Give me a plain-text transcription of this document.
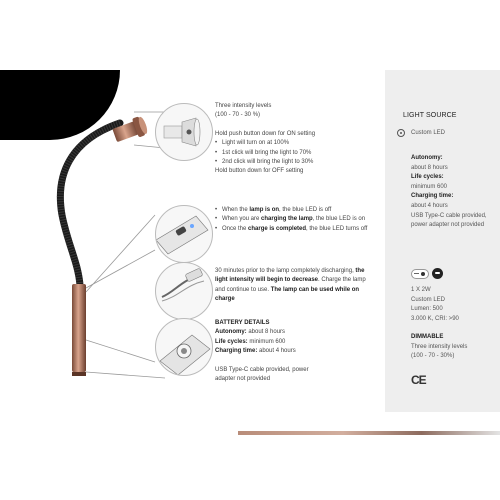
Three intensity levels
(100 - 70 - 30 %)
Hold push button down for ON setting
• Light will turn on at 100%
• 1st click will bring the light to 70%
• 2nd click will bring the light to 30%
Hold button down for OFF setting
• When the lamp is on, the blue LED is off
• When you are charging the lamp, the blue LED is on
• Once the charge is completed, the blue LED turns off
30 minutes prior to the lamp completely discharging, the light intensity will begin to decrease. Charge the lamp and continue to use. The lamp can be used while on charge
BATTERY DETAILS
Autonomy: about 8 hours
Life cycles: minimum 600
Charging time: about 4 hours
USB Type-C cable provided, power adapter not provided
LIGHT SOURCE
Custom LED
Autonomy:
about 8 hours
Life cycles:
minimum 600
Charging time:
about 4 hours
USB Type-C cable provided, power adapter not provided
1 X 2W
Custom LED
Lumen: 500
3.000 K, CRI: >90
DIMMABLE
Three intensity levels
(100 - 70 - 30%)
CE
